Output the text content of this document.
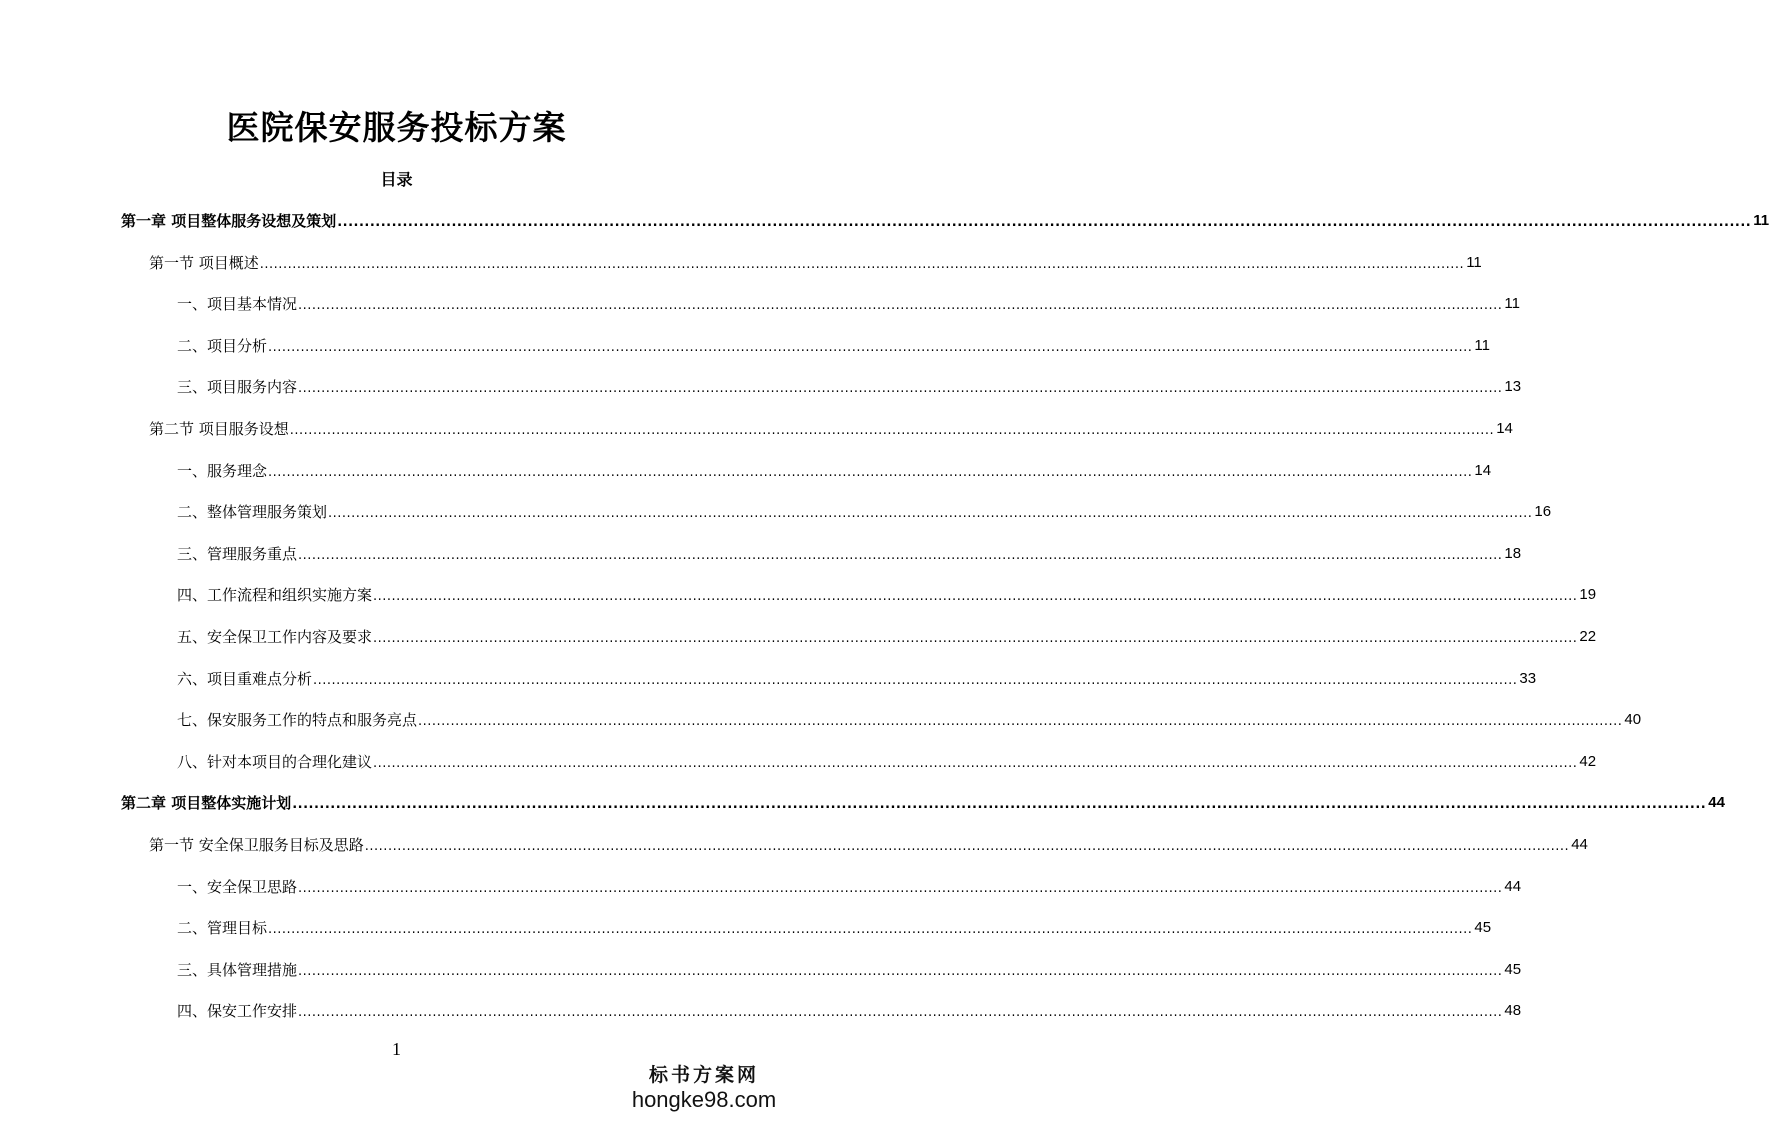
医院保安服务投标方案
目录
第一章 项目整体服务设想及策划 .................................................................................................................................................................................................................................................................... 11
第一节 项目概述 .................................................................................................................................................................................................................................................................... 11
一、项目基本情况 .................................................................................................................................................................................................................................................................... 11
二、项目分析 .................................................................................................................................................................................................................................................................... 11
三、项目服务内容 .................................................................................................................................................................................................................................................................... 13
第二节 项目服务设想 .................................................................................................................................................................................................................................................................... 14
一、服务理念 .................................................................................................................................................................................................................................................................... 14
二、整体管理服务策划 .................................................................................................................................................................................................................................................................... 16
三、管理服务重点 .................................................................................................................................................................................................................................................................... 18
四、工作流程和组织实施方案 .................................................................................................................................................................................................................................................................... 19
五、安全保卫工作内容及要求 .................................................................................................................................................................................................................................................................... 22
六、项目重难点分析 .................................................................................................................................................................................................................................................................... 33
七、保安服务工作的特点和服务亮点 .................................................................................................................................................................................................................................................................... 40
八、针对本项目的合理化建议 .................................................................................................................................................................................................................................................................... 42
第二章 项目整体实施计划 .................................................................................................................................................................................................................................................................... 44
第一节 安全保卫服务目标及思路 .................................................................................................................................................................................................................................................................... 44
一、安全保卫思路 .................................................................................................................................................................................................................................................................... 44
二、管理目标 .................................................................................................................................................................................................................................................................... 45
三、具体管理措施 .................................................................................................................................................................................................................................................................... 45
四、保安工作安排 .................................................................................................................................................................................................................................................................... 48
1
标书方案网
hongke98.com
